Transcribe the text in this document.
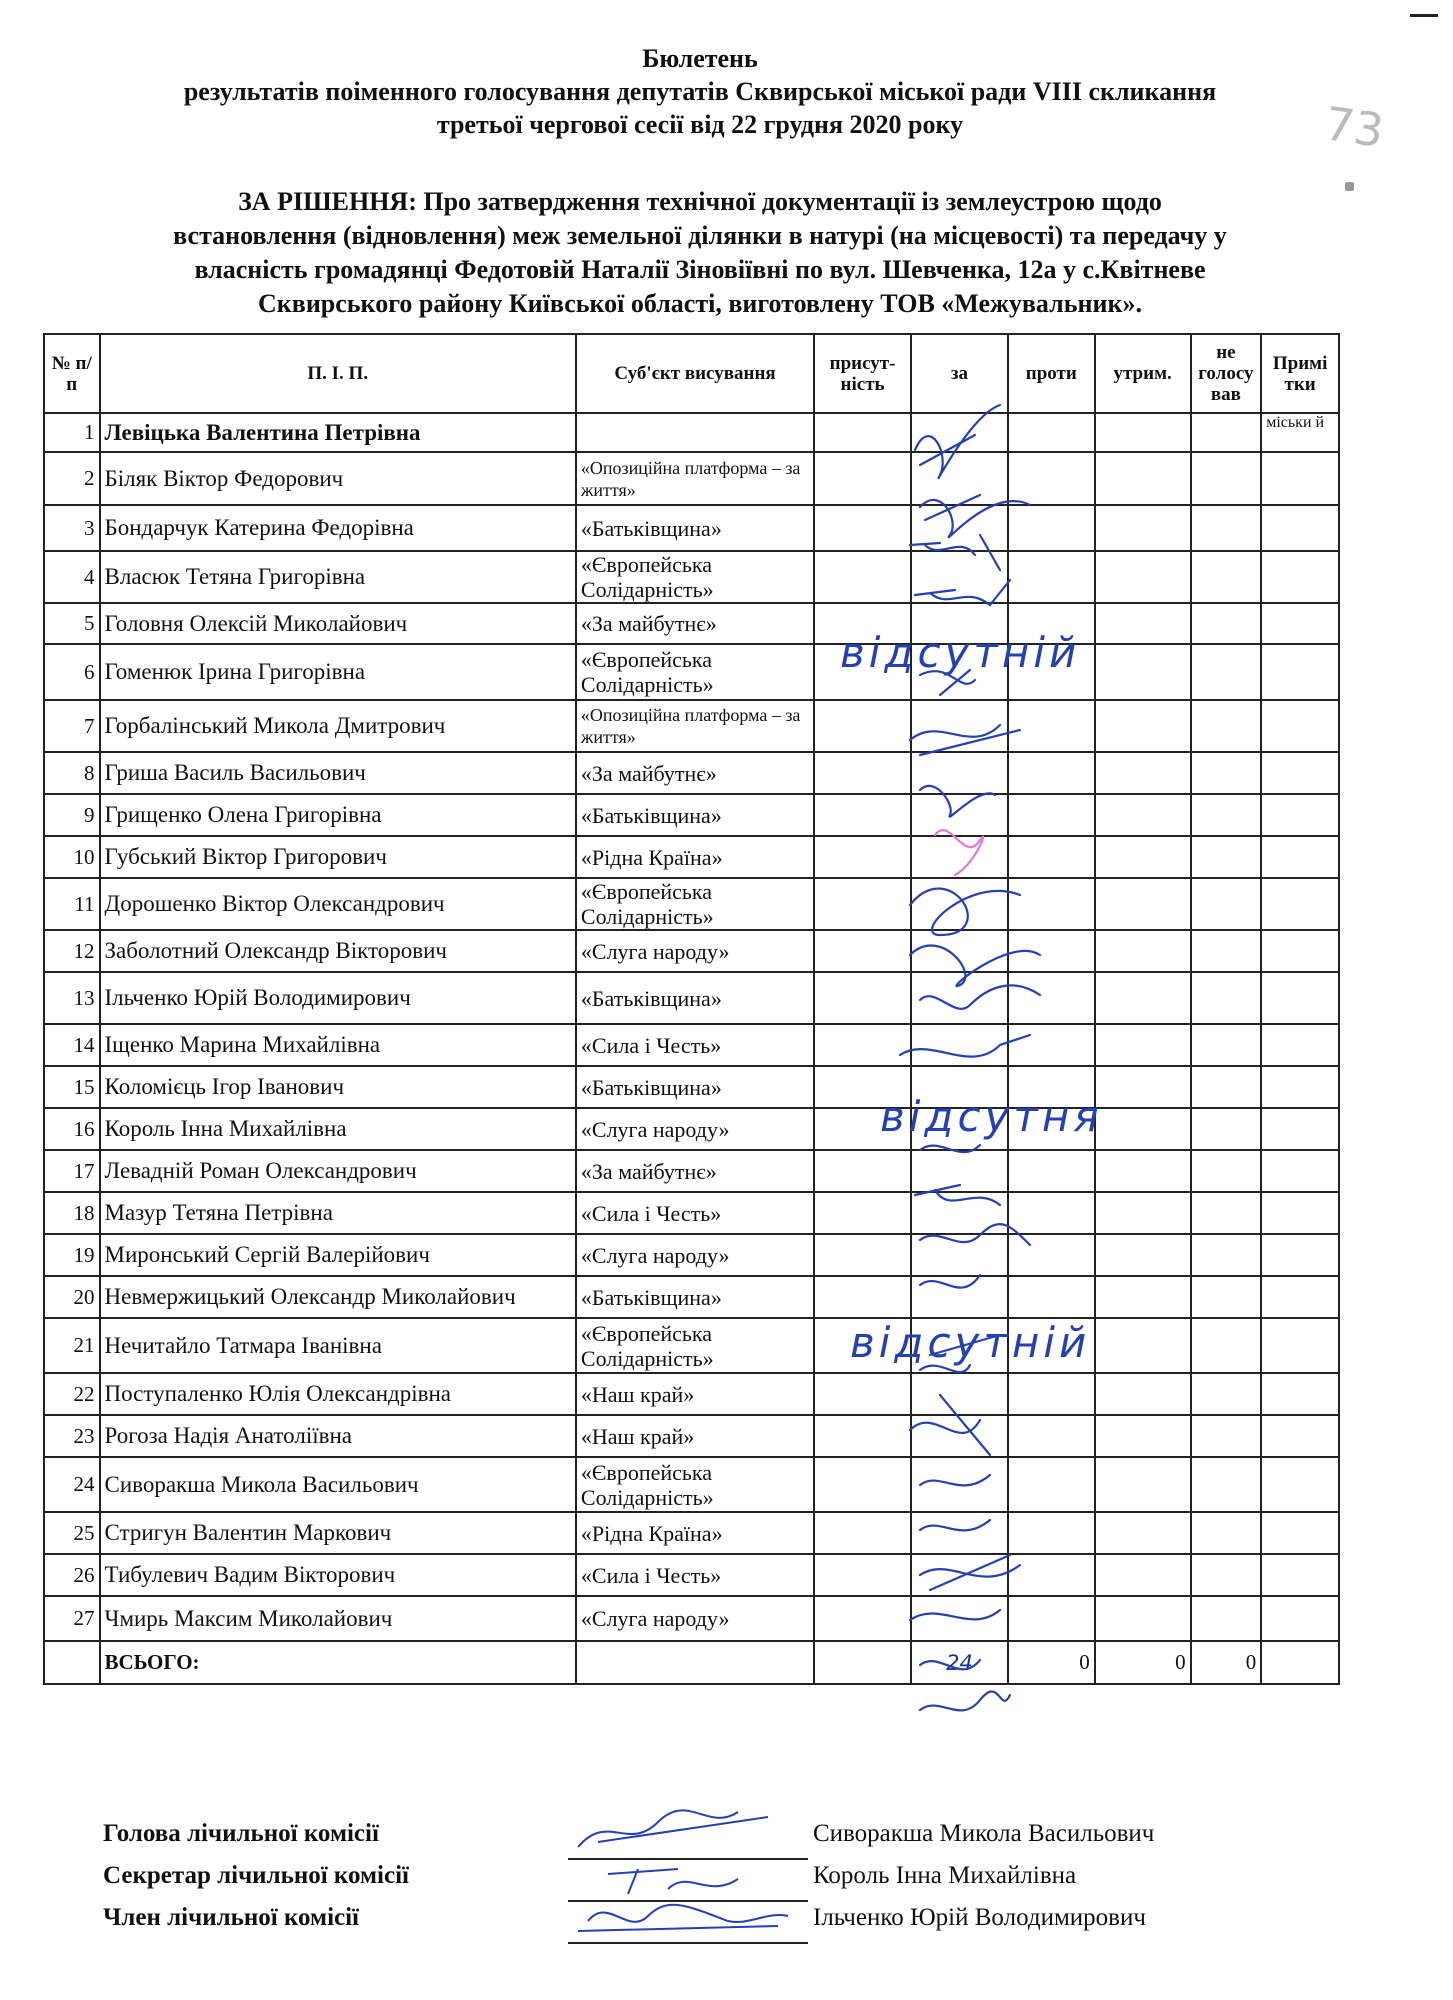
73
Бюлетень
результатів поіменного голосування депутатів Сквирської міської ради VIII скликання
третьої чергової сесії від 22 грудня 2020 року
ЗА РІШЕННЯ: Про затвердження технічної документації із землеустрою щодо
встановлення (відновлення) меж земельної ділянки в натурі (на місцевості) та передачу у
власність громадянці Федотовій Наталії Зіновіївні по вул. Шевченка, 12а у с.Квітневе
Сквирського району Київської області, виготовлену ТОВ «Межувальник».
№ п/п	П. І. П.	Суб'єкт висування	присут-ність	за	проти	утрим.	не голосу вав	Примі тки
1	Левіцька Валентина Петрівна							міськи й
2	Біляк Віктор Федорович	«Опозиційна платформа – за життя»						
3	Бондарчук Катерина Федорівна	«Батьківщина»						
4	Власюк Тетяна Григорівна	«Європейська Солідарність»						
5	Головня Олексій Миколайович	«За майбутнє»						
6	Гоменюк Ірина Григорівна	«Європейська Солідарність»						
7	Горбалінський Микола Дмитрович	«Опозиційна платформа – за життя»						
8	Гриша Василь Васильович	«За майбутнє»						
9	Грищенко Олена Григорівна	«Батьківщина»						
10	Губський Віктор Григорович	«Рідна Країна»						
11	Дорошенко Віктор Олександрович	«Європейська Солідарність»						
12	Заболотний Олександр Вікторович	«Слуга народу»						
13	Ільченко Юрій Володимирович	«Батьківщина»						
14	Іщенко Марина Михайлівна	«Сила і Честь»						
15	Коломієць Ігор Іванович	«Батьківщина»						
16	Король Інна Михайлівна	«Слуга народу»						
17	Левадній Роман Олександрович	«За майбутнє»						
18	Мазур Тетяна Петрівна	«Сила і Честь»						
19	Миронський Сергій Валерійович	«Слуга народу»						
20	Невмержицький Олександр Миколайович	«Батьківщина»						
21	Нечитайло Татмара Іванівна	«Європейська Солідарність»						
22	Поступаленко Юлія Олександрівна	«Наш край»						
23	Рогоза Надія Анатоліївна	«Наш край»						
24	Сиворакша Микола Васильович	«Європейська Солідарність»						
25	Стригун Валентин Маркович	«Рідна Країна»						
26	Тибулевич Вадим Вікторович	«Сила і Честь»						
27	Чмирь Максим Миколайович	«Слуга народу»						
	ВСЬОГО:			24	0	0	0	
відсутній
відсутня
відсутній
Голова лічильної комісії	Сиворакша Микола Васильович
Секретар лічильної комісії	Король Інна Михайлівна
Член лічильної комісії	Ільченко Юрій Володимирович
